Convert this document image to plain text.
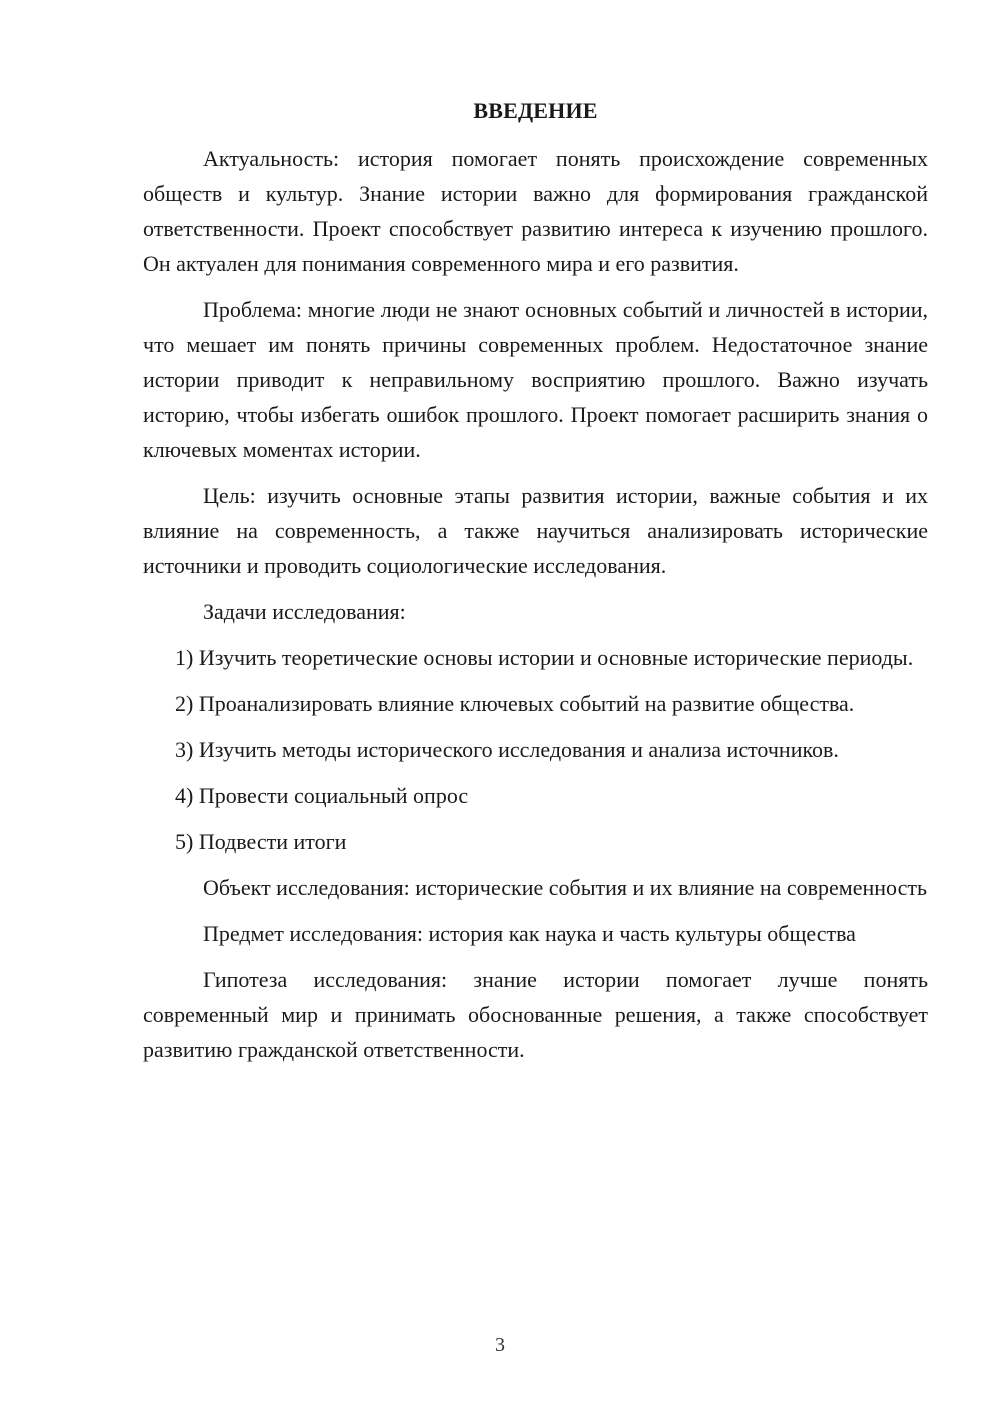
ВВЕДЕНИЕ

Актуальность: история помогает понять происхождение современных обществ и культур. Знание истории важно для формирования гражданской ответственности. Проект способствует развитию интереса к изучению прошлого. Он актуален для понимания современного мира и его развития.

Проблема: многие люди не знают основных событий и личностей в истории, что мешает им понять причины современных проблем. Недостаточное знание истории приводит к неправильному восприятию прошлого. Важно изучать историю, чтобы избегать ошибок прошлого. Проект помогает расширить знания о ключевых моментах истории.

Цель: изучить основные этапы развития истории, важные события и их влияние на современность, а также научиться анализировать исторические источники и проводить социологические исследования.

Задачи исследования:

1) Изучить теоретические основы истории и основные исторические периоды.

2) Проанализировать влияние ключевых событий на развитие общества.

3) Изучить методы исторического исследования и анализа источников.

4) Провести социальный опрос

5) Подвести итоги

Объект исследования: исторические события и их влияние на современность

Предмет исследования: история как наука и часть культуры общества

Гипотеза исследования: знание истории помогает лучше понять современный мир и принимать обоснованные решения, а также способствует развитию гражданской ответственности.

3
